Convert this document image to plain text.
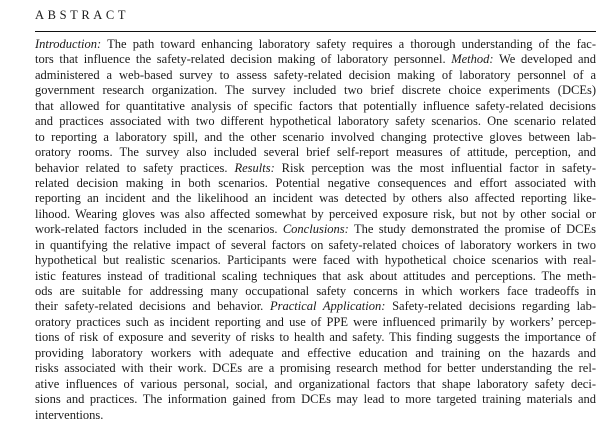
ABSTRACT
Introduction: The path toward enhancing laboratory safety requires a thorough understanding of the fac-
tors that influence the safety-related decision making of laboratory personnel. Method: We developed and
administered a web-based survey to assess safety-related decision making of laboratory personnel of a
government research organization. The survey included two brief discrete choice experiments (DCEs)
that allowed for quantitative analysis of specific factors that potentially influence safety-related decisions
and practices associated with two different hypothetical laboratory safety scenarios. One scenario related
to reporting a laboratory spill, and the other scenario involved changing protective gloves between lab-
oratory rooms. The survey also included several brief self-report measures of attitude, perception, and
behavior related to safety practices. Results: Risk perception was the most influential factor in safety-
related decision making in both scenarios. Potential negative consequences and effort associated with
reporting an incident and the likelihood an incident was detected by others also affected reporting like-
lihood. Wearing gloves was also affected somewhat by perceived exposure risk, but not by other social or
work-related factors included in the scenarios. Conclusions: The study demonstrated the promise of DCEs
in quantifying the relative impact of several factors on safety-related choices of laboratory workers in two
hypothetical but realistic scenarios. Participants were faced with hypothetical choice scenarios with real-
istic features instead of traditional scaling techniques that ask about attitudes and perceptions. The meth-
ods are suitable for addressing many occupational safety concerns in which workers face tradeoffs in
their safety-related decisions and behavior. Practical Application: Safety-related decisions regarding lab-
oratory practices such as incident reporting and use of PPE were influenced primarily by workers’ percep-
tions of risk of exposure and severity of risks to health and safety. This finding suggests the importance of
providing laboratory workers with adequate and effective education and training on the hazards and
risks associated with their work. DCEs are a promising research method for better understanding the rel-
ative influences of various personal, social, and organizational factors that shape laboratory safety deci-
sions and practices. The information gained from DCEs may lead to more targeted training materials and
interventions.
